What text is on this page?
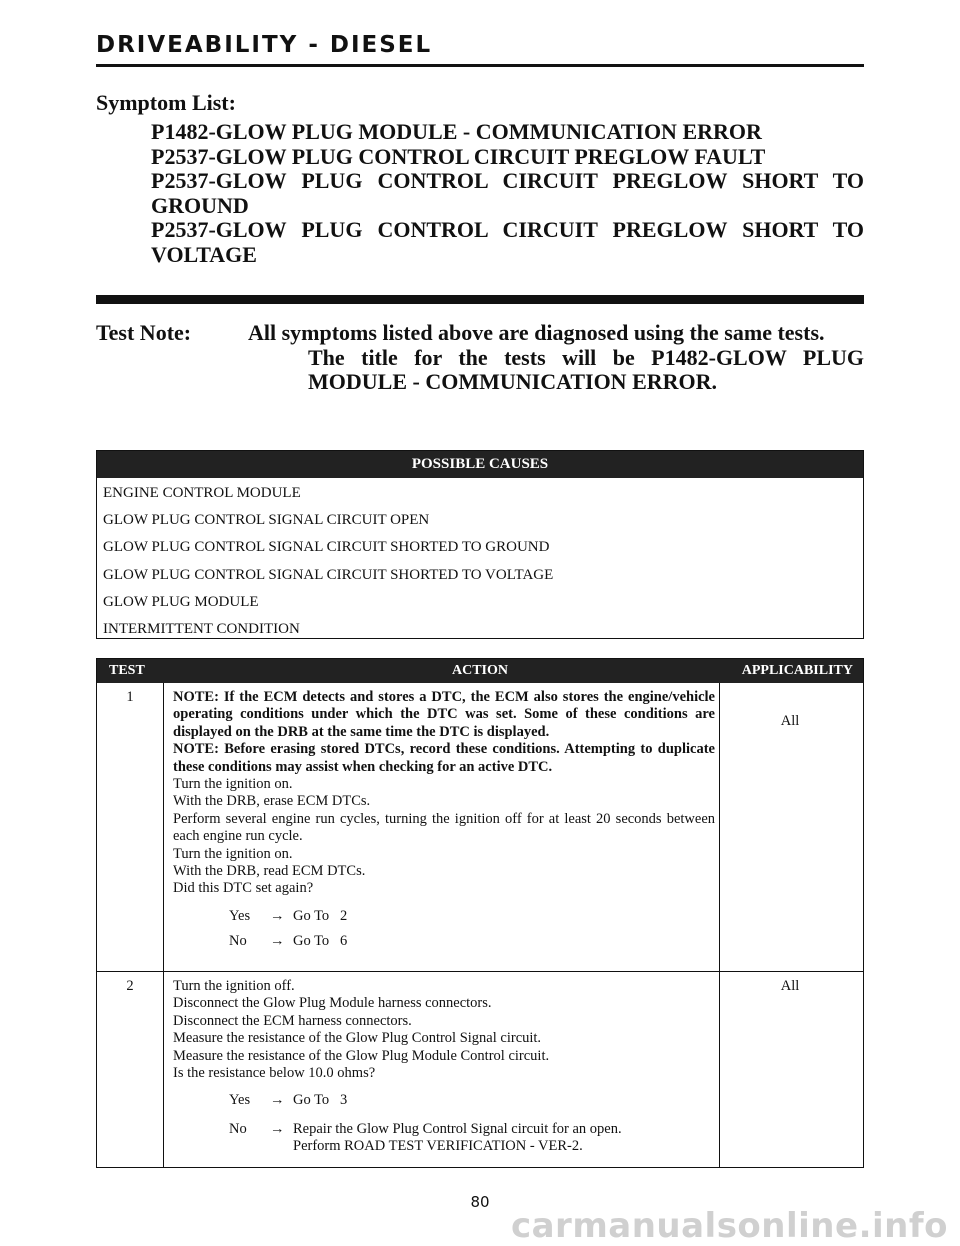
DRIVEABILITY - DIESEL
Symptom List:
P1482-GLOW PLUG MODULE - COMMUNICATION ERROR
P2537-GLOW PLUG CONTROL CIRCUIT PREGLOW FAULT
P2537-GLOW PLUG CONTROL CIRCUIT PREGLOW SHORT TO GROUND
P2537-GLOW PLUG CONTROL CIRCUIT PREGLOW SHORT TO VOLTAGE
Test Note:	All symptoms listed above are diagnosed using the same tests.
The title for the tests will be P1482-GLOW PLUG MODULE - COMMUNICATION ERROR.
POSSIBLE CAUSES
ENGINE CONTROL MODULE
GLOW PLUG CONTROL SIGNAL CIRCUIT OPEN
GLOW PLUG CONTROL SIGNAL CIRCUIT SHORTED TO GROUND
GLOW PLUG CONTROL SIGNAL CIRCUIT SHORTED TO VOLTAGE
GLOW PLUG MODULE
INTERMITTENT CONDITION
TEST	ACTION	APPLICABILITY
1	NOTE: If the ECM detects and stores a DTC, the ECM also stores the engine/vehicle operating conditions under which the DTC was set. Some of these conditions are displayed on the DRB at the same time the DTC is displayed.
NOTE: Before erasing stored DTCs, record these conditions. Attempting to duplicate these conditions may assist when checking for an active DTC.
Turn the ignition on.
With the DRB, erase ECM DTCs.
Perform several engine run cycles, turning the ignition off for at least 20 seconds between each engine run cycle.
Turn the ignition on.
With the DRB, read ECM DTCs.
Did this DTC set again?
Yes → Go To   2
No → Go To   6
All
2	Turn the ignition off.
Disconnect the Glow Plug Module harness connectors.
Disconnect the ECM harness connectors.
Measure the resistance of the Glow Plug Control Signal circuit.
Measure the resistance of the Glow Plug Module Control circuit.
Is the resistance below 10.0 ohms?
Yes → Go To   3
No → Repair the Glow Plug Control Signal circuit for an open.
Perform ROAD TEST VERIFICATION - VER-2.
All
80
carmanualsonline.info
